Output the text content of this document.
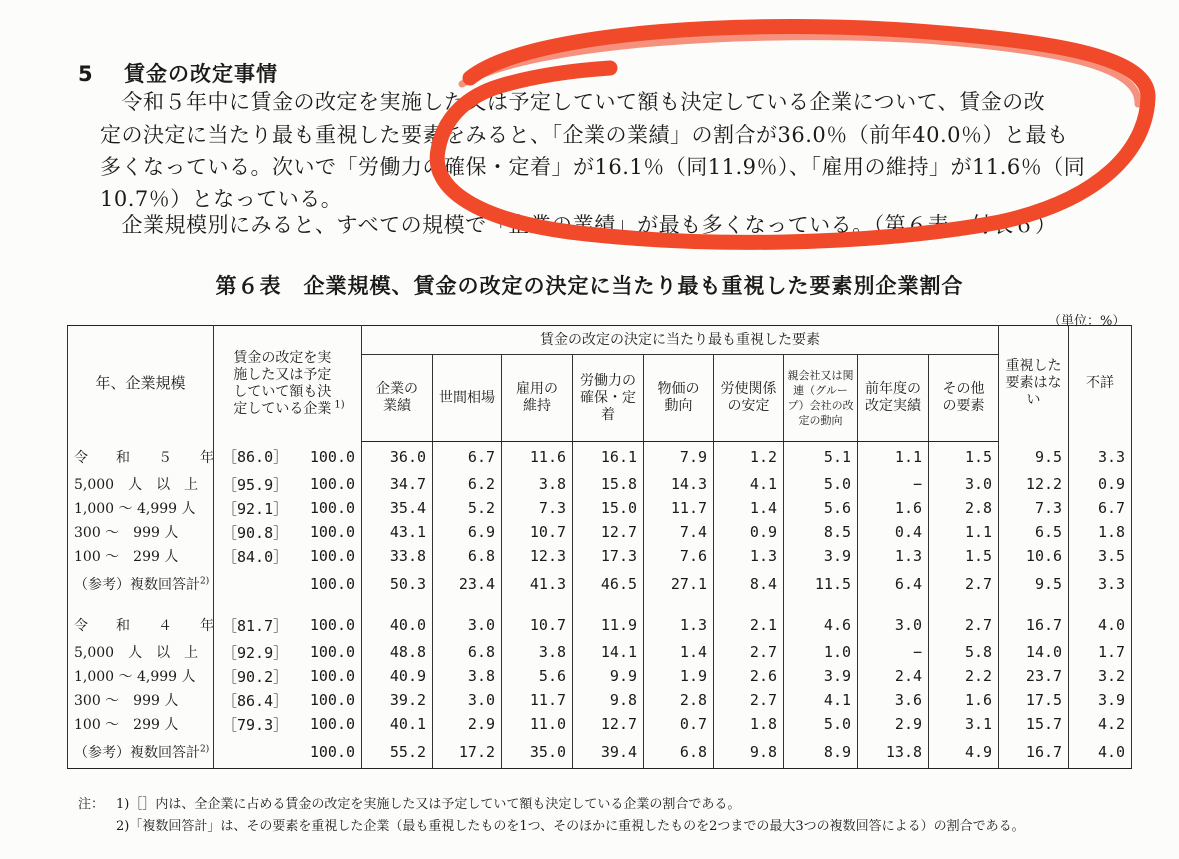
5 賃金の改定事情
　令和５年中に賃金の改定を実施した又は予定していて額も決定している企業について、賃金の改
定の決定に当たり最も重視した要素をみると、「企業の業績」の割合が36.0％（前年40.0％）と最も
多くなっている。次いで「労働力の確保・定着」が16.1％（同11.9％）、「雇用の維持」が11.6％（同
10.7％）となっている。
　企業規模別にみると、すべての規模で「企業の業績」が最も多くなっている。（第６表、付表６）
第６表　企業規模、賃金の改定の決定に当たり最も重視した要素別企業割合
（単位：%）
年、企業規模	賃金の改定を実施した又は予定していて額も決定している企業 $^{1)}$		賃金の改定の決定に当たり最も重視した要素									重視した要素はない	不詳
			企業の業績	世間相場	雇用の維持	労働力の確保・定着	物価の動向	労使関係の安定	親会社又は関連（グループ）会社の改定の動向	前年度の改定実績	その他の要素		
令　　和　　５　　年	［86.0］	100.0	36.0	6.7	11.6	16.1	7.9	1.2	5.1	1.1	1.5	9.5	3.3
5,000　人　以　上	［95.9］	100.0	34.7	6.2	3.8	15.8	14.3	4.1	5.0	−	3.0	12.2	0.9
1,000 ～ 4,999 人	［92.1］	100.0	35.4	5.2	7.3	15.0	11.7	1.4	5.6	1.6	2.8	7.3	6.7
300 ～　999 人	［90.8］	100.0	43.1	6.9	10.7	12.7	7.4	0.9	8.5	0.4	1.1	6.5	1.8
100 ～　299 人	［84.0］	100.0	33.8	6.8	12.3	17.3	7.6	1.3	3.9	1.3	1.5	10.6	3.5
（参考）複数回答計$^{2)}$		100.0	50.3	23.4	41.3	46.5	27.1	8.4	11.5	6.4	2.7	9.5	3.3

令　　和　　４　　年	［81.7］	100.0	40.0	3.0	10.7	11.9	1.3	2.1	4.6	3.0	2.7	16.7	4.0
5,000　人　以　上	［92.9］	100.0	48.8	6.8	3.8	14.1	1.4	2.7	1.0	−	5.8	14.0	1.7
1,000 ～ 4,999 人	［90.2］	100.0	40.9	3.8	5.6	9.9	1.9	2.6	3.9	2.4	2.2	23.7	3.2
300 ～　999 人	［86.4］	100.0	39.2	3.0	11.7	9.8	2.8	2.7	4.1	3.6	1.6	17.5	3.9
100 ～　299 人	［79.3］	100.0	40.1	2.9	11.0	12.7	0.7	1.8	5.0	2.9	3.1	15.7	4.2
（参考）複数回答計$^{2)}$		100.0	55.2	17.2	35.0	39.4	6.8	9.8	8.9	13.8	4.9	16.7	4.0
注： 1)［］内は、全企業に占める賃金の改定を実施した又は予定していて額も決定している企業の割合である。
2)「複数回答計」は、その要素を重視した企業（最も重視したものを1つ、そのほかに重視したものを2つまでの最大3つの複数回答による）の割合である。
